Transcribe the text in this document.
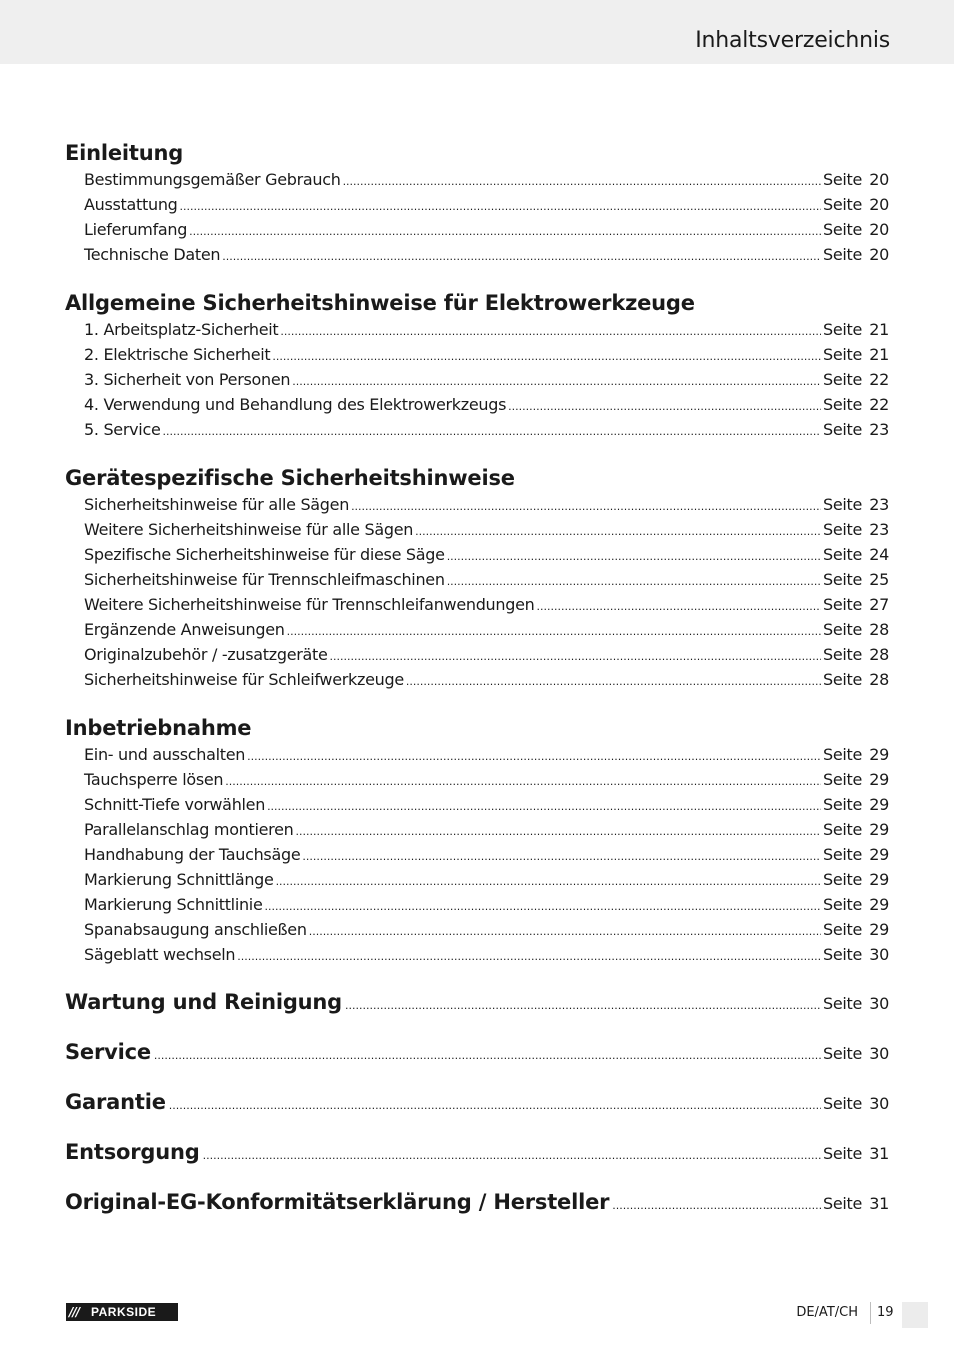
Inhaltsverzeichnis
Einleitung
Bestimmungsgemäßer Gebrauch .....	Seite 20
Ausstattung .....	Seite 20
Lieferumfang .....	Seite 20
Technische Daten .....	Seite 20
Allgemeine Sicherheitshinweise für Elektrowerkzeuge
1. Arbeitsplatz-Sicherheit .....	Seite 21
2. Elektrische Sicherheit .....	Seite 21
3. Sicherheit von Personen .....	Seite 22
4. Verwendung und Behandlung des Elektrowerkzeugs .....	Seite 22
5. Service .....	Seite 23
Gerätespezifische Sicherheitshinweise
Sicherheitshinweise für alle Sägen .....	Seite 23
Weitere Sicherheitshinweise für alle Sägen .....	Seite 23
Spezifische Sicherheitshinweise für diese Säge .....	Seite 24
Sicherheitshinweise für Trennschleifmaschinen .....	Seite 25
Weitere Sicherheitshinweise für Trennschleifanwendungen .....	Seite 27
Ergänzende Anweisungen .....	Seite 28
Originalzubehör / -zusatzgeräte .....	Seite 28
Sicherheitshinweise für Schleifwerkzeuge .....	Seite 28
Inbetriebnahme
Ein- und ausschalten .....	Seite 29
Tauchsperre lösen .....	Seite 29
Schnitt-Tiefe vorwählen .....	Seite 29
Parallelanschlag montieren .....	Seite 29
Handhabung der Tauchsäge .....	Seite 29
Markierung Schnittlänge .....	Seite 29
Markierung Schnittlinie .....	Seite 29
Spanabsaugung anschließen .....	Seite 29
Sägeblatt wechseln .....	Seite 30
Wartung und Reinigung .....	Seite 30
Service .....	Seite 30
Garantie .....	Seite 30
Entsorgung .....	Seite 31
Original-EG-Konformitätserklärung / Hersteller .....	Seite 31
/// PARKSIDE	DE/AT/CH 19
